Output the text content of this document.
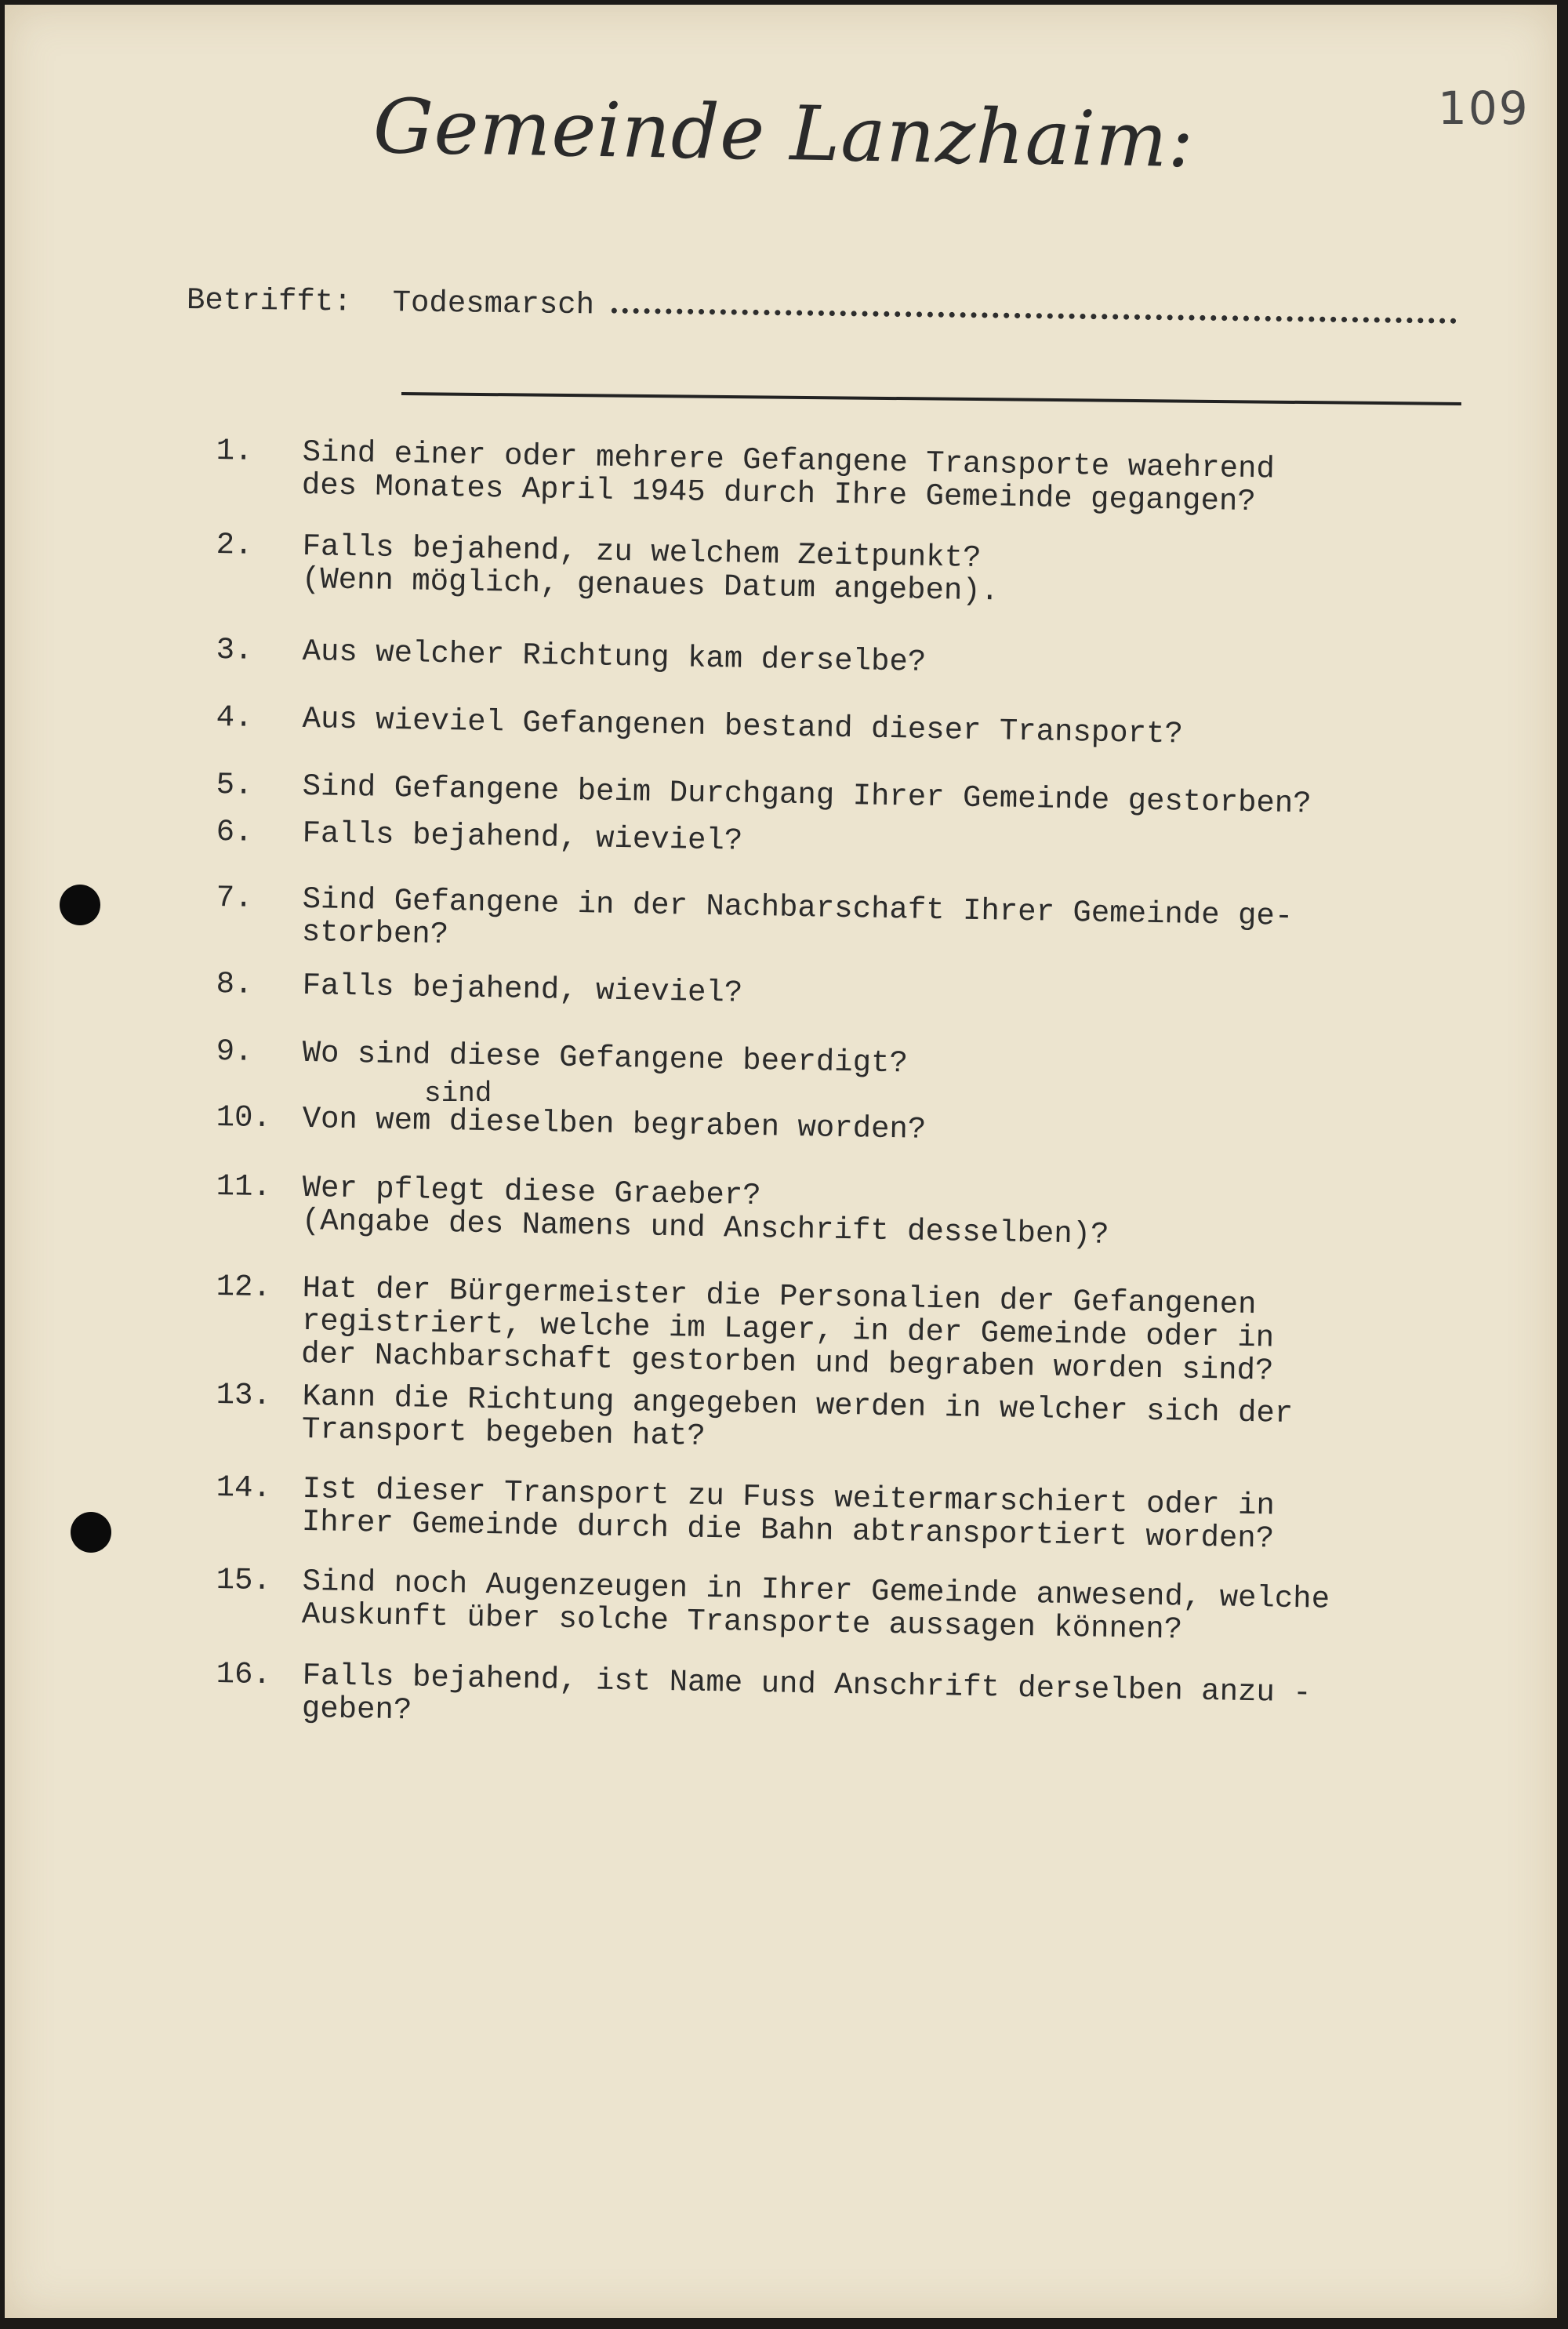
109
Gemeinde Lanzhaim:
Betrifft: Todesmarsch
1.	Sind einer oder mehrere Gefangene Transporte waehrend
des Monates April 1945 durch Ihre Gemeinde gegangen?
2.	Falls bejahend, zu welchem Zeitpunkt?
(Wenn möglich, genaues Datum angeben).
3.	Aus welcher Richtung kam derselbe?
4.	Aus wieviel Gefangenen bestand dieser Transport?
5.	Sind Gefangene beim Durchgang Ihrer Gemeinde gestorben?
6.	Falls bejahend, wieviel?
7.	Sind Gefangene in der Nachbarschaft Ihrer Gemeinde ge-
storben?
8.	Falls bejahend, wieviel?
9.	Wo sind diese Gefangene beerdigt?
10.	Von wem dieselben begraben worden?
11.	Wer pflegt diese Graeber?
(Angabe des Namens und Anschrift desselben)?
12.	Hat der Bürgermeister die Personalien der Gefangenen
registriert, welche im Lager, in der Gemeinde oder in
der Nachbarschaft gestorben und begraben worden sind?
13.	Kann die Richtung angegeben werden in welcher sich der
Transport begeben hat?
14.	Ist dieser Transport zu Fuss weitermarschiert oder in
Ihrer Gemeinde durch die Bahn abtransportiert worden?
15.	Sind noch Augenzeugen in Ihrer Gemeinde anwesend, welche
Auskunft über solche Transporte aussagen können?
16.	Falls bejahend, ist Name und Anschrift derselben anzu -
geben?
sind
